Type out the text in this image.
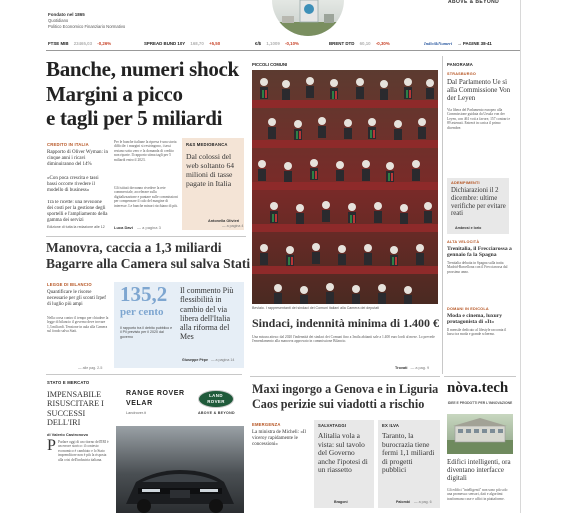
Fondato nel 1865
Quotidiano
Politico Economico Finanziario Normativo
ABOVE & BEYOND
FTSE MIB 23465,03 -0,26%	SPREAD BUND 10Y 168,70 +5,50	€/$ 1,1009 -0,10%	BRENT DTD 60,10 -0,30%	Indici&Numeri → PAGINE 38-41
Banche, numeri shock
Margini a picco
e tagli per 5 miliardi
CREDITO IN ITALIA
Rapporto di Oliver Wyman: in cinque anni i ricavi diminuiranno del 14%
«Con poca crescita e tassi bassi occorre rivedere il modello di business»
Tra le ricette: una revisione dei costi per la gestione degli sportelli e l'ampliamento della gamma dei servizi
Edizione di tutta la redazione alle 12
Per le banche italiane la ripresa è una storia difficile: i margini si restringono, i tassi restano sotto zero e la domanda di credito non riparte. Il rapporto stima tagli per 5 miliardi entro il 2023.
Gli istituti dovranno rivedere la rete commerciale, accelerare sulla digitalizzazione e puntare sulle commissioni per compensare il calo del margine di interesse. Le banche minori rischiano di più.
Luca Davi — a pagina 3
R&S MEDIOBANCA
Dal colossi del web soltanto 64 milioni di tasse pagate in Italia
Antonella Olivieri
— a pagina 4
PICCOLI COMUNI
Bevlaio. I rappresentanti dei sindaci dei Comuni italiani alla Camera dei deputati
Sindaci, indennità minima di 1.400 €
Una misura attesa: dal 2020 l'indennità dei sindaci dei Comuni fino a 3mila abitanti sale a 1.400 euro lordi al mese. Lo prevede l'emendamento alla manovra approvato in commissione Bilancio.
Trovati — a pag. 9
Manovra, caccia a 1,3 miliardi
Bagarre alla Camera sul salva Stati
LEGGE DI BILANCIO
Quantificare le risorse necessarie per gli sconti Irpef di luglio più ampi
Nella corsa contro il tempo per chiudere la legge di bilancio il governo deve trovare 1,3 miliardi. Tensione in aula alla Camera sul fondo salva Stati.
— alle pag. 2-5
135,2
per cento
Il rapporto tra il debito pubblico e il Pil previsto per il 2020 dal governo
Il commento Più flessibilità in cambio del via libera dell'Italia alla riforma del Mes
Giuseppe Pèpe — a pagina 14
STATO E MERCATO
IMPENSABILE RISUSCITARE I SUCCESSI DELL'IRI
di Valerio Castronovo
P Parlare oggi di un ritorno dell'IRI è un errore storico: il contesto economico è cambiato e lo Stato imprenditore non è più la risposta alla crisi dell'industria italiana.
RANGE ROVER
VELAR
Landrover.it
LAND
ROVER
ABOVE & BEYOND
Maxi ingorgo a Genova e in Liguria
Caos perizie sui viadotti a rischio
EMERGENZA
La ministra de Micheli: «Il viceroy rapidamente le concessioni»
SALVATAGGI
Alitalia vola a vista: sul tavolo del Governo anche l'ipotesi di un riassetto
Bragoni
EX ILVA
Taranto, la burocrazia tiene fermi 1,1 miliardi di progetti pubblici
Palombi — a pag. 6
PANORAMA
STRASBURGO
Dal Parlamento Ue sì alla Commissione Von der Leyen
Via libera del Parlamento europeo alla Commissione guidata da Ursula von der Leyen, con 461 voti a favore, 157 contrari e 89 astenuti. Entrerà in carica il primo dicembre.
ADEMPIMENTI
Dichiarazioni il 2 dicembre: ultime verifiche per evitare reati
Ambrosi e Iorio
ALTA VELOCITÀ
Trenitalia, il Frecciarossa a gennaio fa la Spagna
Trenitalia debutta in Spagna sulla tratta Madrid-Barcellona con il Frecciarossa dal prossimo anno.
DOMANI IN EDICOLA
Moda e cinema, luxury protagonista di «It»
Il mensile dedicato al lifestyle racconta il lusso tra moda e grande schermo.
nòva.tech
IDEE E PRODOTTI PER L'INNOVAZIONE
Edifici intelligenti, ora diventano interfacce digitali
Gli edifici "intelligenti" non sono più solo una promessa: sensori, dati e algoritmi trasformano case e uffici in piattaforme.
